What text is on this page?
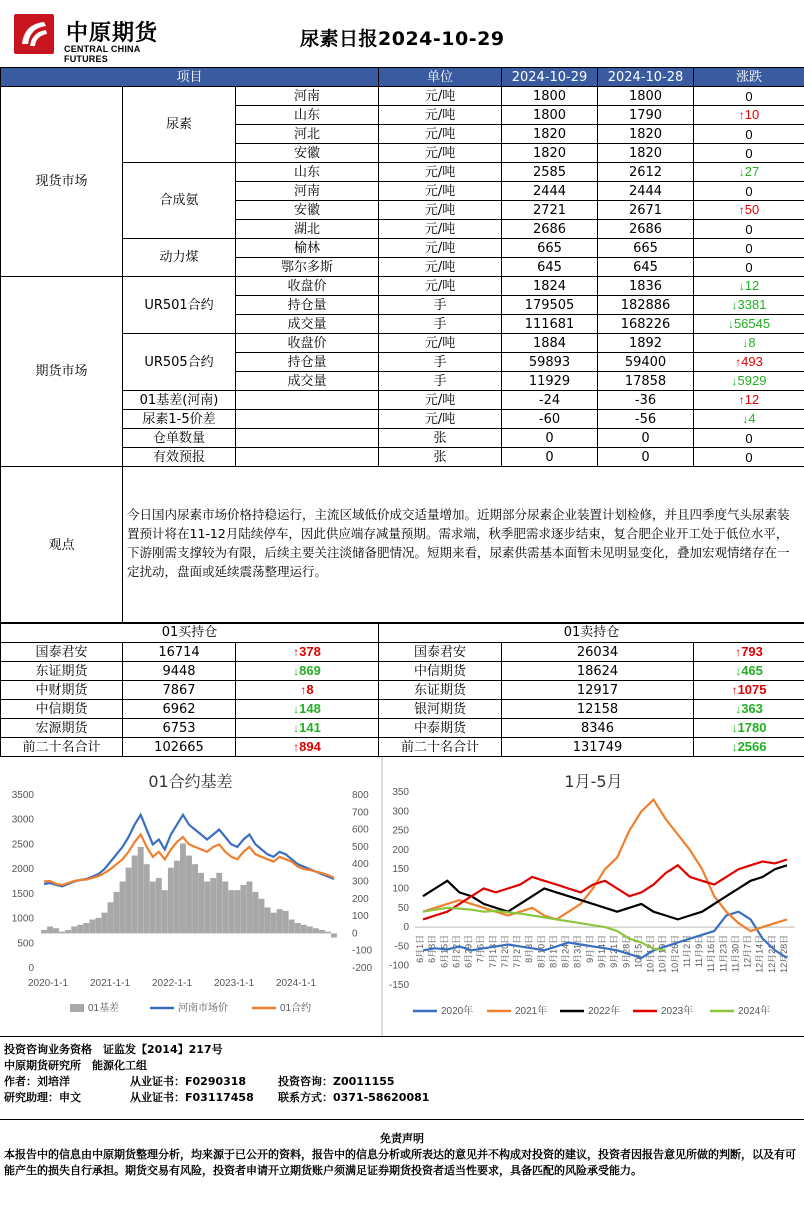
中原期货
CENTRAL CHINA FUTURES
尿素日报2024-10-29
项目			单位	2024-10-29	2024-10-28	涨跌
现货市场	尿素	河南	元/吨	1800	1800	0
		山东	元/吨	1800	1790	↑10
		河北	元/吨	1820	1820	0
		安徽	元/吨	1820	1820	0
	合成氨	山东	元/吨	2585	2612	↓27
		河南	元/吨	2444	2444	0
		安徽	元/吨	2721	2671	↑50
		湖北	元/吨	2686	2686	0
	动力煤	榆林	元/吨	665	665	0
		鄂尔多斯	元/吨	645	645	0
期货市场	UR501合约	收盘价	元/吨	1824	1836	↓12
		持仓量	手	179505	182886	↓3381
		成交量	手	111681	168226	↓56545
	UR505合约	收盘价	元/吨	1884	1892	↓8
		持仓量	手	59893	59400	↑493
		成交量	手	11929	17858	↓5929
	01基差(河南)		元/吨	-24	-36	↑12
	尿素1-5价差		元/吨	-60	-56	↓4
	仓单数量		张	0	0	0
	有效预报		张	0	0	0
观点	今日国内尿素市场价格持稳运行，主流区域低价成交适量增加。近期部分尿素企业装置计划检修，并且四季度气头尿素装置预计将在11-12月陆续停车，因此供应端存减量预期。需求端，秋季肥需求逐步结束，复合肥企业开工处于低位水平，下游刚需支撑较为有限，后续主要关注淡储备肥情况。短期来看，尿素供需基本面暂未见明显变化，叠加宏观情绪存在一定扰动，盘面或延续震荡整理运行。					
01买持仓			01卖持仓		
国泰君安	16714	↑378	国泰君安	26034	↑793
东证期货	9448	↓869	中信期货	18624	↓465
中财期货	7867	↑8	东证期货	12917	↑1075
中信期货	6962	↓148	银河期货	12158	↓363
宏源期货	6753	↓141	中泰期货	8346	↓1780
前二十名合计	102665	↑894	前二十名合计	131749	↓2566
01合约基差
0
500
1000
1500
2000
2500
3000
3500
-200
-100
0
100
200
300
400
500
600
700
800
2020-1-1 2021-1-1 2022-1-1 2023-1-1 2024-1-1
01基差	河南市场价	01合约
1月-5月
-150
-100
-50
0
50
100
150
200
250
300
350
6月1日 6月8日 6月15日 6月22日 6月29日 7月6日 7月13日 7月20日 7月27日 8月3日 8月10日 8月17日 8月24日 8月31日 9月7日 9月14日 9月21日 9月28日 10月5日 10月12日 10月19日 10月26日 11月2日 11月9日 11月16日 11月23日 11月30日 12月7日 12月14日 12月21日 12月28日
2020年	2021年	2022年	2023年	2024年
投资咨询业务资格　证监发【2014】217号
中原期货研究所　能源化工组
作者：刘培洋	从业证书：F0290318	投资咨询：Z0011155
研究助理：申文	从业证书：F03117458 联系方式：0371-58620081
免责声明
本报告中的信息由中原期货整理分析，均来源于已公开的资料，报告中的信息分析或所表达的意见并不构成对投资的建议，投资者因报告意见所做的判断，以及有可能产生的损失自行承担。期货交易有风险，投资者申请开立期货账户须满足证券期货投资者适当性要求，具备匹配的风险承受能力。
